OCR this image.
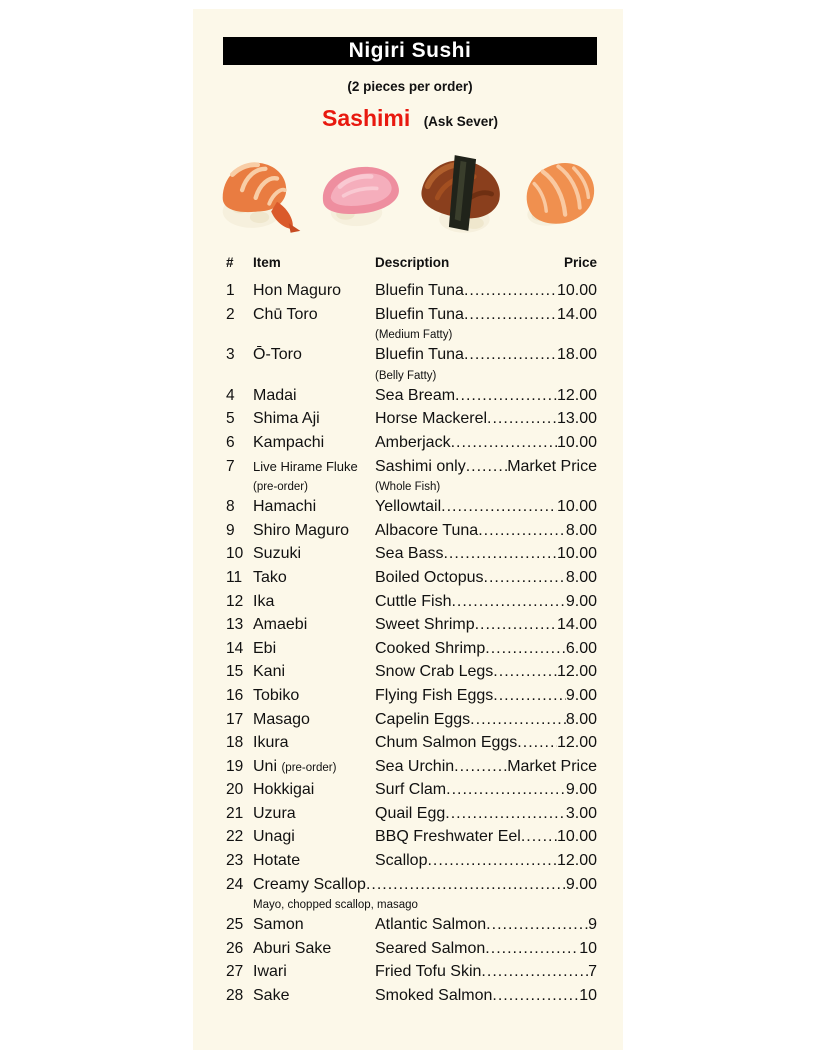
Nigiri Sushi
(2 pieces per order)
Sashimi (Ask Sever)
#	Item	Description	Price
1	Hon Maguro	Bluefin Tuna .....	10.00
2	Chū Toro	Bluefin Tuna .....	14.00
(Medium Fatty)
3	Ō-Toro	Bluefin Tuna .....	18.00
(Belly Fatty)
4	Madai	Sea Bream .....	12.00
5	Shima Aji	Horse Mackerel .....	13.00
6	Kampachi	Amberjack .....	10.00
7	Live Hirame Fluke	Sashimi only .....	Market Price
(pre-order)	(Whole Fish)
8	Hamachi	Yellowtail .....	10.00
9	Shiro Maguro	Albacore Tuna .....	8.00
10 Suzuki	Sea Bass .....	10.00
11 Tako	Boiled Octopus .....	8.00
12 Ika	Cuttle Fish .....	9.00
13 Amaebi	Sweet Shrimp .....	14.00
14 Ebi	Cooked Shrimp .....	6.00
15 Kani	Snow Crab Legs .....	12.00
16 Tobiko	Flying Fish Eggs .....	9.00
17 Masago	Capelin Eggs .....	8.00
18 Ikura	Chum Salmon Eggs ..... 12.00
19 Uni (pre-order)	Sea Urchin .....	Market Price
20 Hokkigai	Surf Clam .....	9.00
21 Uzura	Quail Egg .....	3.00
22 Unagi	BBQ Freshwater Eel ..... 10.00
23 Hotate	Scallop .....	12.00
24 Creamy Scallop .....	9.00
Mayo, chopped scallop, masago
25 Samon	Atlantic Salmon .....	9
26 Aburi Sake	Seared Salmon .....	10
27 Iwari	Fried Tofu Skin .....	7
28 Sake	Smoked Salmon .....	10
